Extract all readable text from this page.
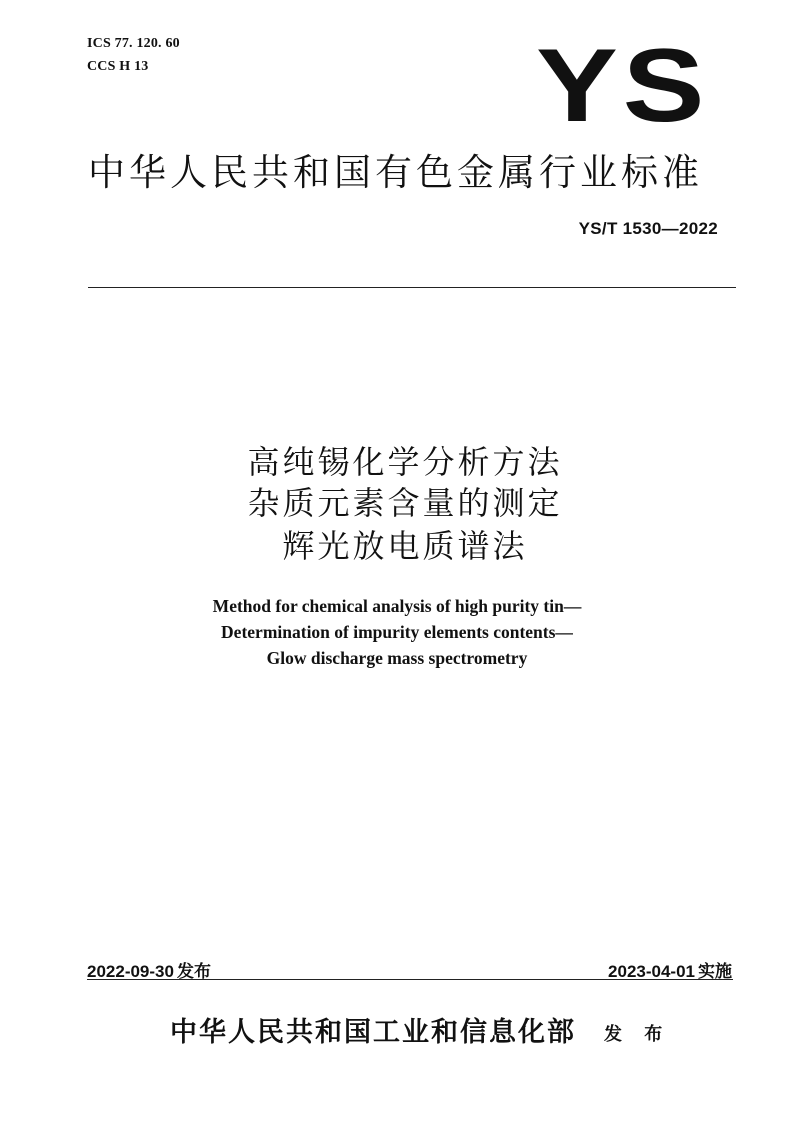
ICS 77. 120. 60
CCS H 13	YS
中华人民共和国有色金属行业标准
YS/T 1530—2022
高纯锡化学分析方法
杂质元素含量的测定
辉光放电质谱法
Method for chemical analysis of high purity tin—
Determination of impurity elements contents—
Glow discharge mass spectrometry
2022-09-30 发布	2023-04-01 实施
中华人民共和国工业和信息化部 发 布
